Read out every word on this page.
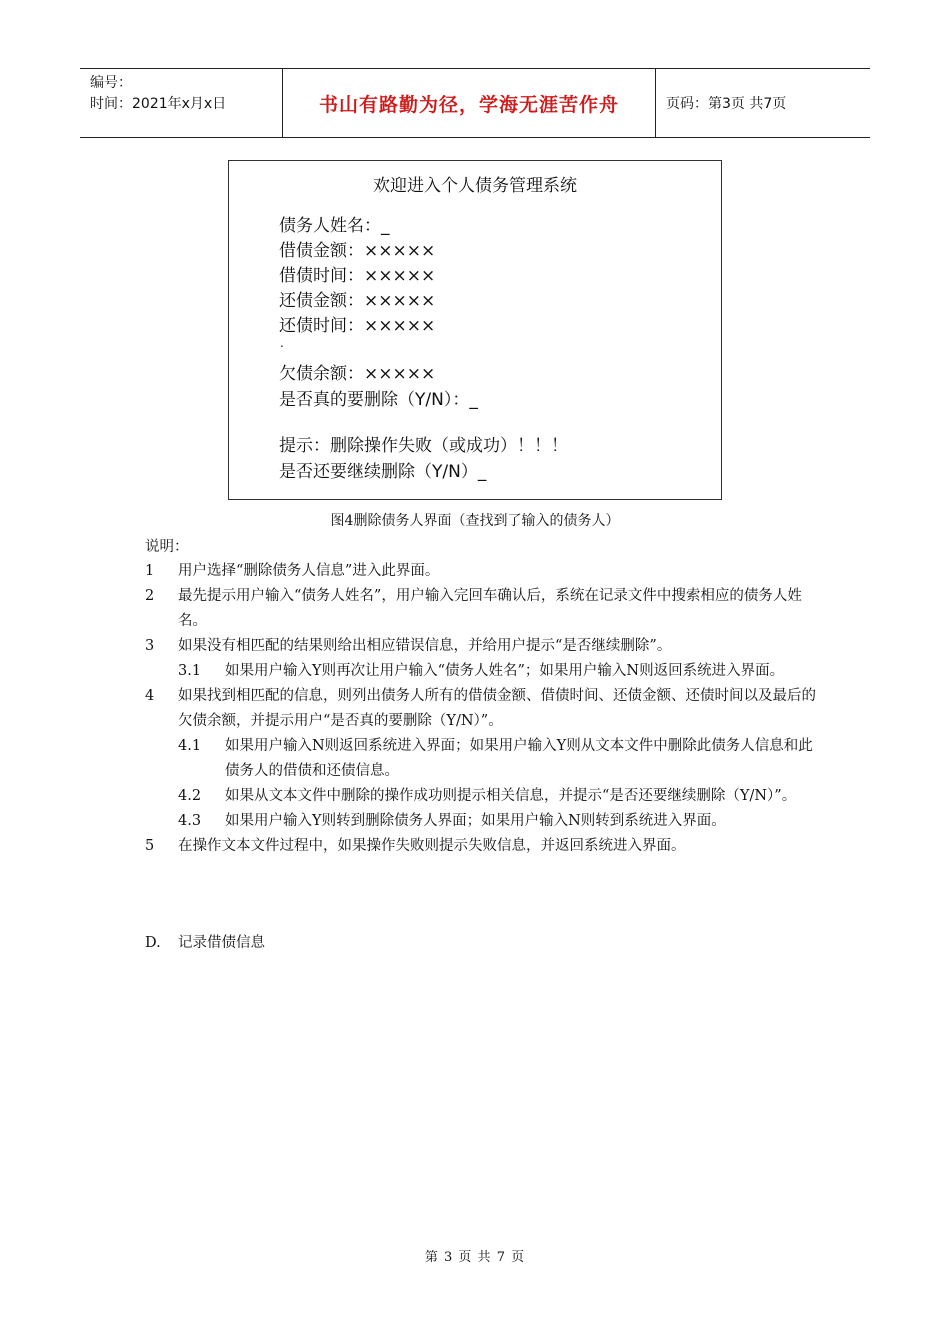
编号：
时间：2021年x月x日	书山有路勤为径，学海无涯苦作舟	页码：第3页 共7页
欢迎进入个人债务管理系统
债务人姓名：_
借债金额：×××××
借债时间：×××××
还债金额：×××××
还债时间：×××××
.
欠债余额：×××××
是否真的要删除（Y/N）：_
提示：删除操作失败（或成功）！！！
是否还要继续删除（Y/N）_
图4删除债务人界面（查找到了输入的债务人）
说明：
1 用户选择“删除债务人信息”进入此界面。
2 最先提示用户输入“债务人姓名”，用户输入完回车确认后，系统在记录文件中搜索相应的债务人姓名。
3 如果没有相匹配的结果则给出相应错误信息，并给用户提示“是否继续删除”。
3.1 如果用户输入Y则再次让用户输入“债务人姓名”；如果用户输入N则返回系统进入界面。
4 如果找到相匹配的信息，则列出债务人所有的借债金额、借债时间、还债金额、还债时间以及最后的欠债余额，并提示用户“是否真的要删除（Y/N）”。
4.1 如果用户输入N则返回系统进入界面；如果用户输入Y则从文本文件中删除此债务人信息和此债务人的借债和还债信息。
4.2 如果从文本文件中删除的操作成功则提示相关信息，并提示“是否还要继续删除（Y/N）”。
4.3 如果用户输入Y则转到删除债务人界面；如果用户输入N则转到系统进入界面。
5 在操作文本文件过程中，如果操作失败则提示失败信息，并返回系统进入界面。
D. 记录借债信息
第 3 页 共 7 页
